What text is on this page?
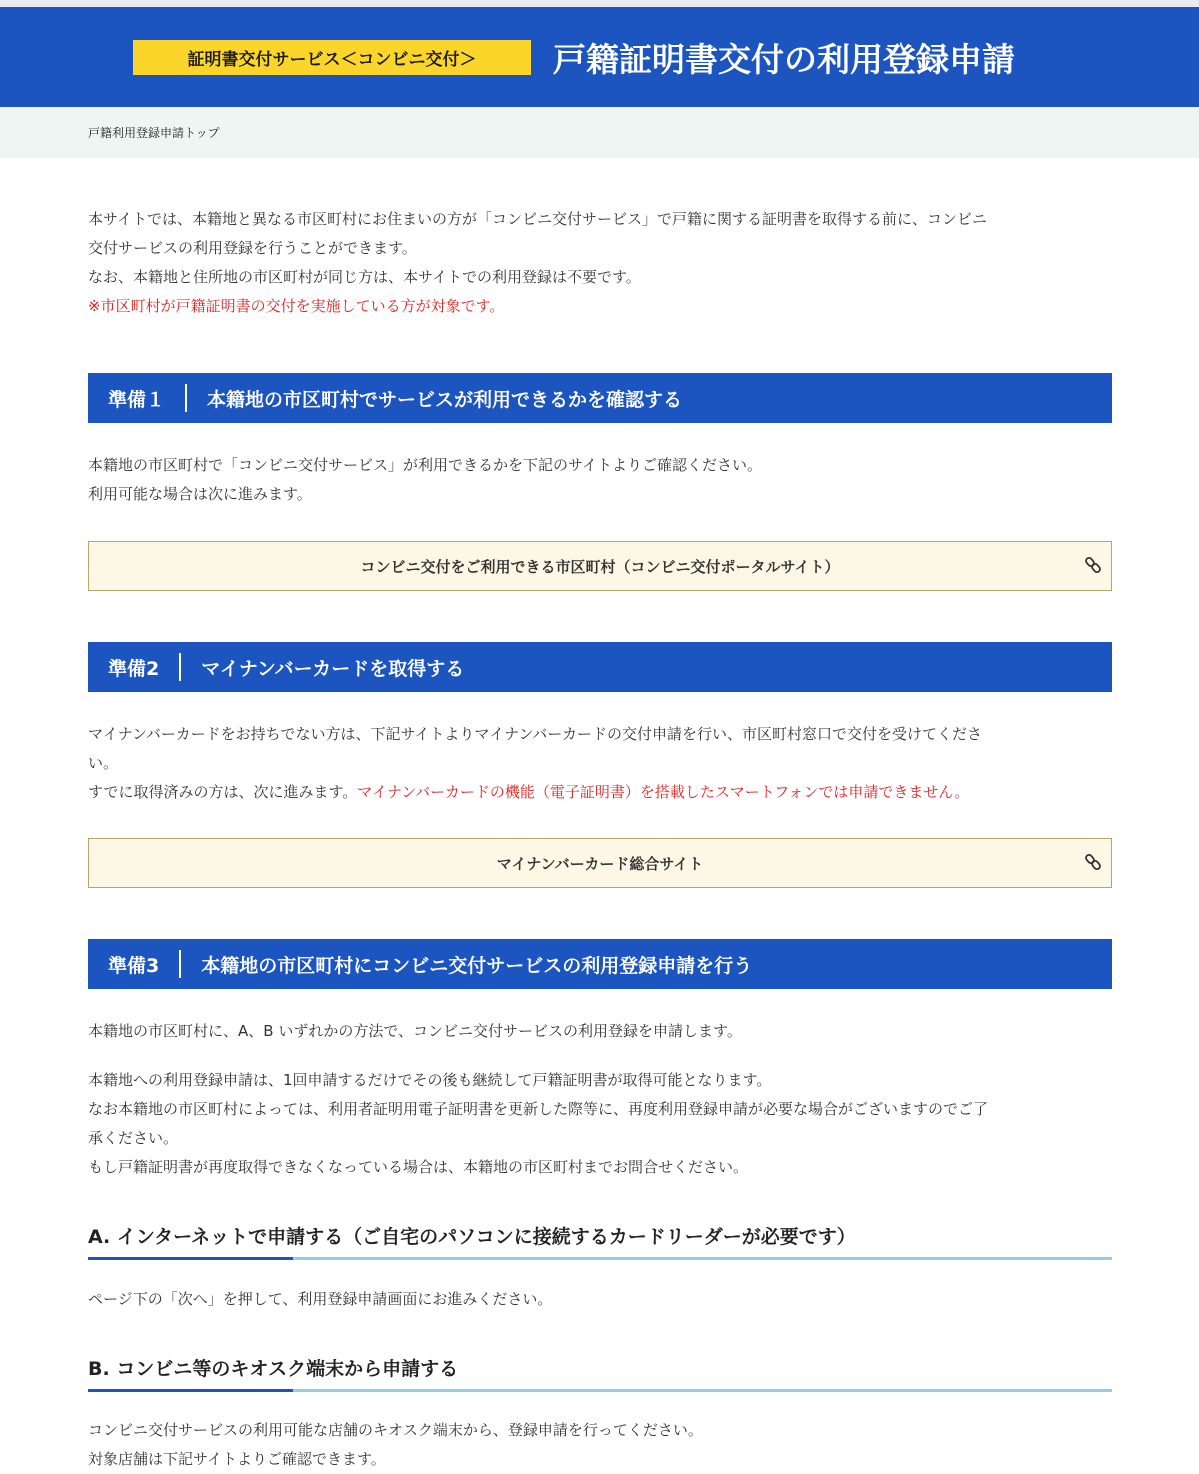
証明書交付サービス＜コンビニ交付＞	戸籍証明書交付の利用登録申請
戸籍利用登録申請トップ

本サイトでは、本籍地と異なる市区町村にお住まいの方が「コンビニ交付サービス」で戸籍に関する証明書を取得する前に、コンビニ
交付サービスの利用登録を行うことができます。
なお、本籍地と住所地の市区町村が同じ方は、本サイトでの利用登録は不要です。
※市区町村が戸籍証明書の交付を実施している方が対象です。

準備１	本籍地の市区町村でサービスが利用できるかを確認する

本籍地の市区町村で「コンビニ交付サービス」が利用できるかを下記のサイトよりご確認ください。
利用可能な場合は次に進みます。

コンビニ交付をご利用できる市区町村（コンビニ交付ポータルサイト）
準備2	マイナンバーカードを取得する

マイナンバーカードをお持ちでない方は、下記サイトよりマイナンバーカードの交付申請を行い、市区町村窓口で交付を受けてくださ
い。
すでに取得済みの方は、次に進みます。マイナンバーカードの機能（電子証明書）を搭載したスマートフォンでは申請できません。

マイナンバーカード総合サイト
準備3	本籍地の市区町村にコンビニ交付サービスの利用登録申請を行う

本籍地の市区町村に、A、B いずれかの方法で、コンビニ交付サービスの利用登録を申請します。

本籍地への利用登録申請は、1回申請するだけでその後も継続して戸籍証明書が取得可能となります。
なお本籍地の市区町村によっては、利用者証明用電子証明書を更新した際等に、再度利用登録申請が必要な場合がございますのでご了
承ください。
もし戸籍証明書が再度取得できなくなっている場合は、本籍地の市区町村までお問合せください。

A. インターネットで申請する（ご自宅のパソコンに接続するカードリーダーが必要です）

ページ下の「次へ」を押して、利用登録申請画面にお進みください。

B. コンビニ等のキオスク端末から申請する

コンビニ交付サービスの利用可能な店舗のキオスク端末から、登録申請を行ってください。
対象店舗は下記サイトよりご確認できます。
